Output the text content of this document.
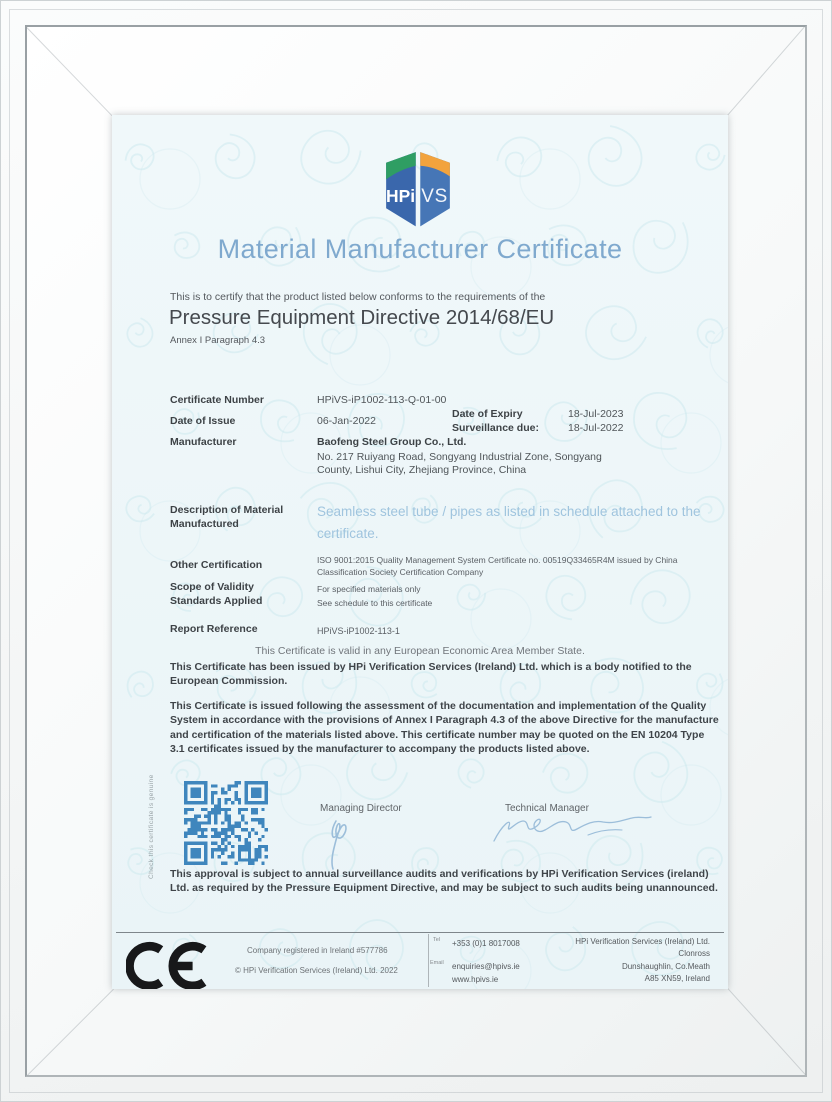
HPi VS
Material Manufacturer Certificate
This is to certify that the product listed below conforms to the requirements of the
Pressure Equipment Directive 2014/68/EU
Annex I Paragraph 4.3
Certificate Number	HPiVS-iP1002-113-Q-01-00
Date of Issue	06-Jan-2022
Date of Expiry	18-Jul-2023
Surveillance due:	18-Jul-2022
Manufacturer	Baofeng Steel Group Co., Ltd.
No. 217 Ruiyang Road, Songyang Industrial Zone, Songyang
County, Lishui City, Zhejiang Province, China
Description of Material Manufactured
Seamless steel tube / pipes as listed in schedule attached to the certificate.
Other Certification	ISO 9001:2015 Quality Management System Certificate no. 00519Q33465R4M issued by China Classification Society Certification Company
Scope of Validity	For specified materials only
Standards Applied	See schedule to this certificate
Report Reference	HPiVS-iP1002-113-1
This Certificate is valid in any European Economic Area Member State.
This Certificate has been issued by HPi Verification Services (Ireland) Ltd. which is a body notified to the European Commission.
This Certificate is issued following the assessment of the documentation and implementation of the Quality System in accordance with the provisions of Annex I Paragraph 4.3 of the above Directive for the manufacture and certification of the materials listed above. This certificate number may be quoted on the EN 10204 Type 3.1 certificates issued by the manufacturer to accompany the products listed above.
Check this certificate is genuine	Managing Director	Technical Manager
This approval is subject to annual surveillance audits and verifications by HPi Verification Services (ireland) Ltd. as required by the Pressure Equipment Directive, and may be subject to such audits being unannounced.
Company registered in Ireland #577786
© HPi Verification Services (Ireland) Ltd. 2022
Tel +353 (0)1 8017008
Email enquiries@hpivs.ie
www.hpivs.ie
HPi Verification Services (Ireland) Ltd.
Clonross
Dunshaughlin, Co.Meath
A85 XN59, Ireland
